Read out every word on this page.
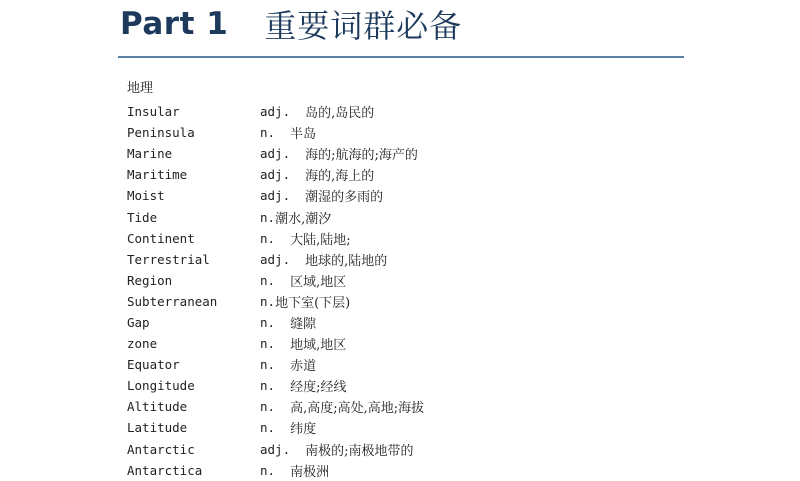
Part 1 重要词群必备
地理
Insular	adj. 岛的,岛民的
Peninsula	n. 半岛
Marine	adj. 海的;航海的;海产的
Maritime	adj. 海的,海上的
Moist	adj. 潮湿的多雨的
Tide	n. 潮水,潮汐
Continent	n. 大陆,陆地;
Terrestrial	adj. 地球的,陆地的
Region	n. 区域,地区
Subterranean	n. 地下室(下层)
Gap	n. 缝隙
zone	n. 地域,地区
Equator	n. 赤道
Longitude	n. 经度;经线
Altitude	n. 高,高度;高处,高地;海拔
Latitude	n. 纬度
Antarctic	adj. 南极的;南极地带的
Antarctica	n. 南极洲
